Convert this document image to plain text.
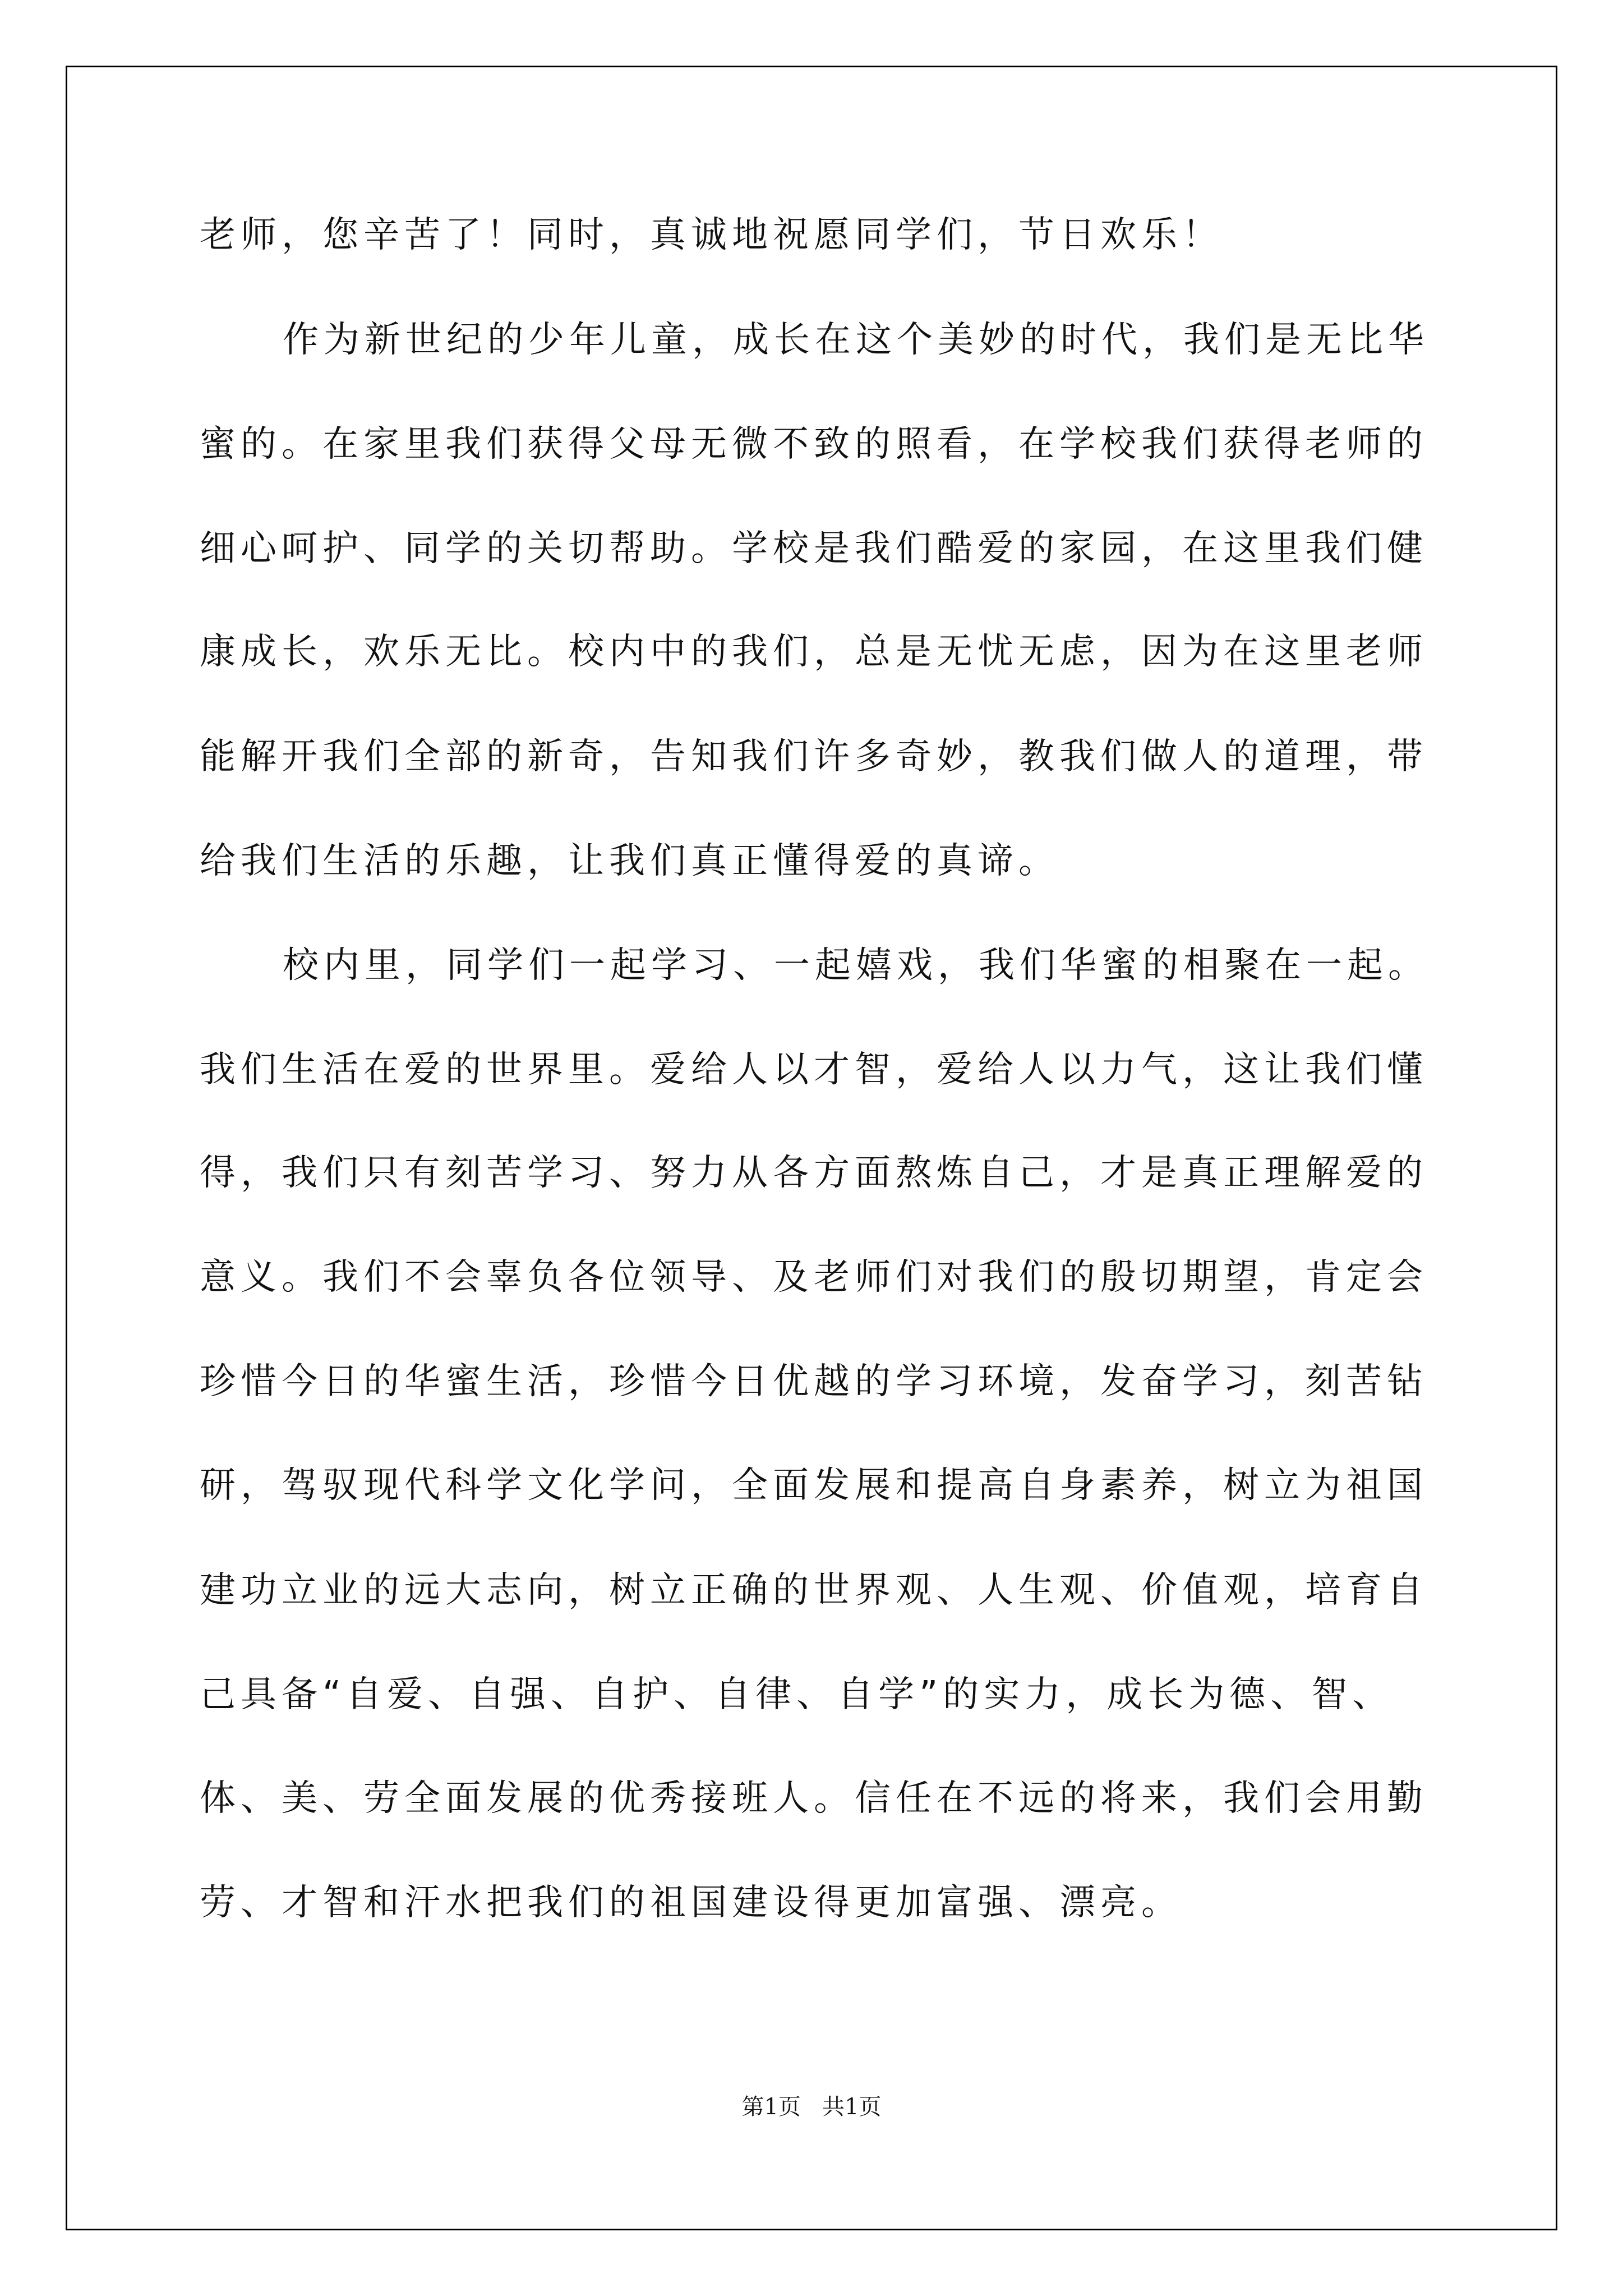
老师，您辛苦了！同时，真诚地祝愿同学们，节日欢乐！
作为新世纪的少年儿童，成长在这个美妙的时代，我们是无比华
蜜的。在家里我们获得父母无微不致的照看，在学校我们获得老师的
细心呵护、同学的关切帮助。学校是我们酷爱的家园，在这里我们健
康成长，欢乐无比。校内中的我们，总是无忧无虑，因为在这里老师
能解开我们全部的新奇，告知我们许多奇妙，教我们做人的道理，带
给我们生活的乐趣，让我们真正懂得爱的真谛。
校内里，同学们一起学习、一起嬉戏，我们华蜜的相聚在一起。
我们生活在爱的世界里。爱给人以才智，爱给人以力气，这让我们懂
得，我们只有刻苦学习、努力从各方面熬炼自己，才是真正理解爱的
意义。我们不会辜负各位领导、及老师们对我们的殷切期望，肯定会
珍惜今日的华蜜生活，珍惜今日优越的学习环境，发奋学习，刻苦钻
研，驾驭现代科学文化学问，全面发展和提高自身素养，树立为祖国
建功立业的远大志向，树立正确的世界观、人生观、价值观，培育自
己具备“自爱、自强、自护、自律、自学”的实力，成长为德、智、
体、美、劳全面发展的优秀接班人。信任在不远的将来，我们会用勤
劳、才智和汗水把我们的祖国建设得更加富强、漂亮。
第1页   共1页
